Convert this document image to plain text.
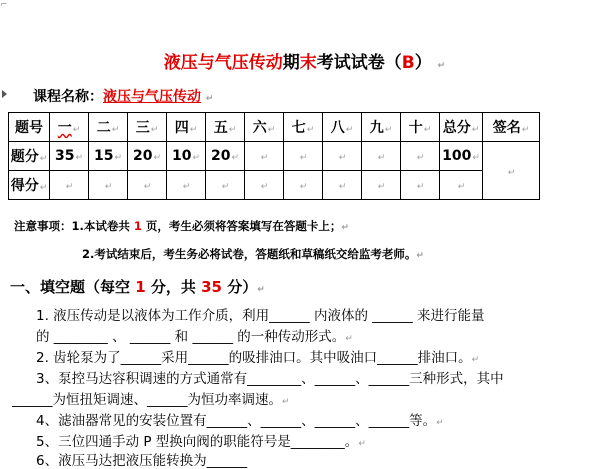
⌐
液压与气压传动期末考试试卷（B） ↵
课程名称：液压与气压传动 ↵
题号	一↵	二↵	三↵	四↵	五↵	六↵	七↵	八↵	九↵	十↵	总分↵	签名↵
题分↵	35↵	15↵	20↵	10↵	20↵	↵	↵	↵	↵	↵	100↵	↵
得分↵	↵	↵	↵	↵	↵	↵	↵	↵	↵	↵	↵	
注意事项：1.本试卷共 1 页，考生必须将答案填写在答题卡上；↵
2.考试结束后，考生务必将试卷，答题纸和草稿纸交给监考老师。↵
一、填空题（每空 1 分，共 35 分）↵
1. 液压传动是以液体为工作介质，利用______ 内液体的 ______ 来进行能量
的 ________ 、 ______ 和 ______ 的一种传动形式。↵
2. 齿轮泵为了______采用______的吸排油口。其中吸油口______排油口。↵
3、泵控马达容积调速的方式通常有________、______、______三种形式，其中
______为恒扭矩调速、______为恒功率调速。↵
4、滤油器常见的安装位置有______、______、______、______等。↵
5、三位四通手动 P 型换向阀的职能符号是________。↵
6、液压马达把液压能转换为______
